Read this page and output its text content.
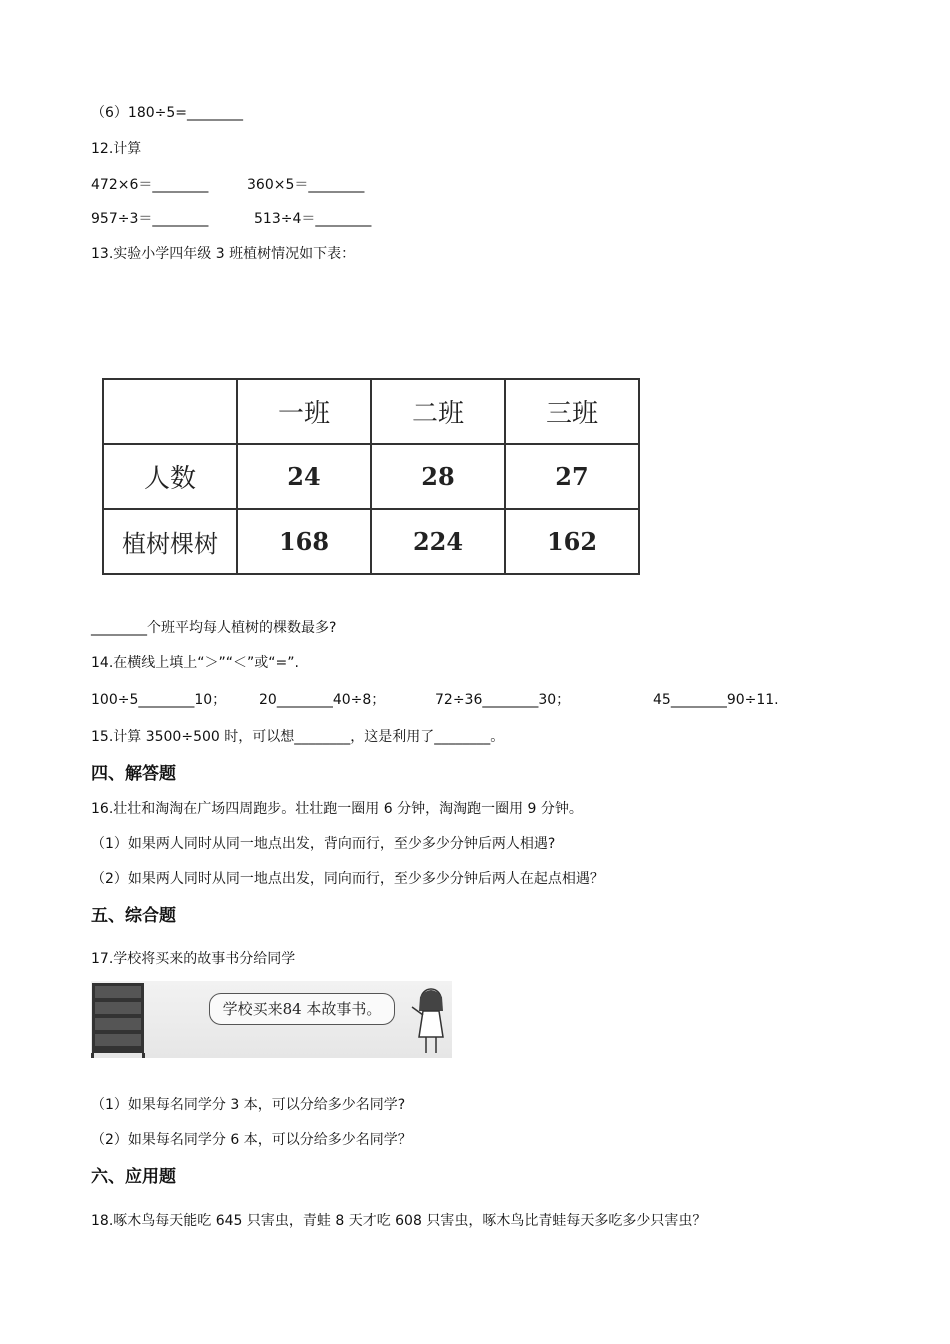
（6）180÷5=________
12.计算
472×6＝________	360×5＝________
957÷3＝________	513÷4＝________
13.实验小学四年级 3 班植树情况如下表：
	一班	二班	三班
人数	24	28	27
植树棵树	168	224	162
________个班平均每人植树的棵数最多?
14.在横线上填上“＞”“＜”或“=”.
100÷5________10； 20________40÷8；	72÷36________30；	45________90÷11.
15.计算 3500÷500 时，可以想________，这是利用了________。
四、解答题
16.壮壮和淘淘在广场四周跑步。壮壮跑一圈用 6 分钟，淘淘跑一圈用 9 分钟。
（1）如果两人同时从同一地点出发，背向而行，至少多少分钟后两人相遇?
（2）如果两人同时从同一地点出发，同向而行，至少多少分钟后两人在起点相遇？
五、综合题
17.学校将买来的故事书分给同学
学校买来84 本故事书。
（1）如果每名同学分 3 本，可以分给多少名同学?
（2）如果每名同学分 6 本，可以分给多少名同学？
六、应用题
18.啄木鸟每天能吃 645 只害虫，青蛙 8 天才吃 608 只害虫，啄木鸟比青蛙每天多吃多少只害虫？
